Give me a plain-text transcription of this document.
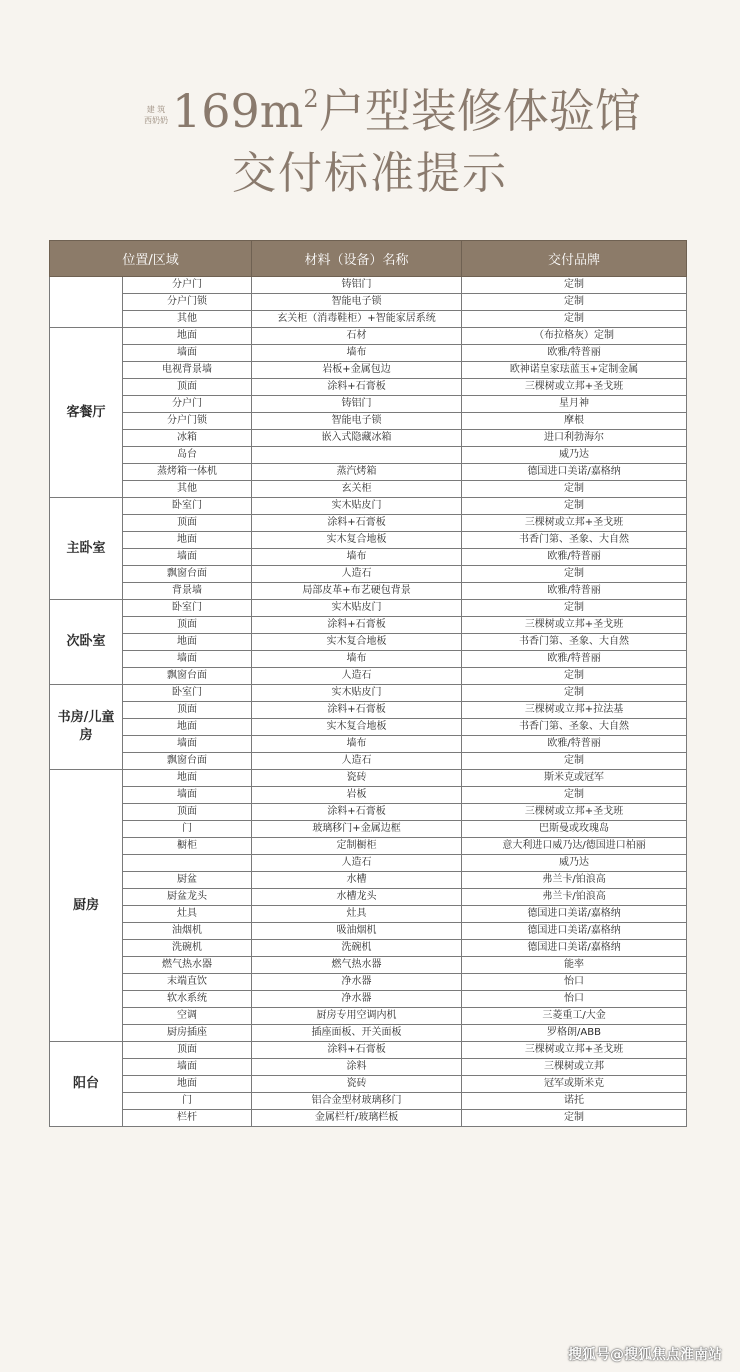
建 筑
西奶奶 $169m^2$户型装修体验馆
交付标准提示
位置/区域		材料（设备）名称	交付品牌
	分户门	铸铝门	定制
	分户门锁	智能电子锁	定制
	其他	玄关柜（消毒鞋柜）+智能家居系统	定制
客餐厅	地面	石材	（布拉格灰）定制
	墙面	墙布	欧雅/特普丽
	电视背景墙	岩板+金属包边	欧神诺皇家珐蓝玉+定制金属
	顶面	涂料+石膏板	三棵树或立邦+圣戈班
	分户门	铸铝门	星月神
	分户门锁	智能电子锁	摩根
	冰箱	嵌入式隐藏冰箱	进口利勃海尔
	岛台		威乃达
	蒸烤箱一体机	蒸汽烤箱	德国进口美诺/嘉格纳
	其他	玄关柜	定制
主卧室	卧室门	实木贴皮门	定制
	顶面	涂料+石膏板	三棵树或立邦+圣戈班
	地面	实木复合地板	书香门第、圣象、大自然
	墙面	墙布	欧雅/特普丽
	飘窗台面	人造石	定制
	背景墙	局部皮革+布艺硬包背景	欧雅/特普丽
次卧室	卧室门	实木贴皮门	定制
	顶面	涂料+石膏板	三棵树或立邦+圣戈班
	地面	实木复合地板	书香门第、圣象、大自然
	墙面	墙布	欧雅/特普丽
	飘窗台面	人造石	定制
书房/儿童房	卧室门	实木贴皮门	定制
	顶面	涂料+石膏板	三棵树或立邦+拉法基
	地面	实木复合地板	书香门第、圣象、大自然
	墙面	墙布	欧雅/特普丽
	飘窗台面	人造石	定制
厨房	地面	瓷砖	斯米克或冠军
	墙面	岩板	定制
	顶面	涂料+石膏板	三棵树或立邦+圣戈班
	门	玻璃移门+金属边框	巴斯曼或玫瑰岛
	橱柜	定制橱柜	意大利进口威乃达/德国进口柏丽
		人造石	威乃达
	厨盆	水槽	弗兰卡/铂浪高
	厨盆龙头	水槽龙头	弗兰卡/铂浪高
	灶具	灶具	德国进口美诺/嘉格纳
	油烟机	吸油烟机	德国进口美诺/嘉格纳
	洗碗机	洗碗机	德国进口美诺/嘉格纳
	燃气热水器	燃气热水器	能率
	末端直饮	净水器	怡口
	软水系统	净水器	怡口
	空调	厨房专用空调内机	三菱重工/大金
	厨房插座	插座面板、开关面板	罗格朗/ABB
阳台	顶面	涂料+石膏板	三棵树或立邦+圣戈班
	墙面	涂料	三棵树或立邦
	地面	瓷砖	冠军或斯米克
	门	铝合金型材玻璃移门	诺托
	栏杆	金属栏杆/玻璃栏板	定制
搜狐号@搜狐焦点淮南站
